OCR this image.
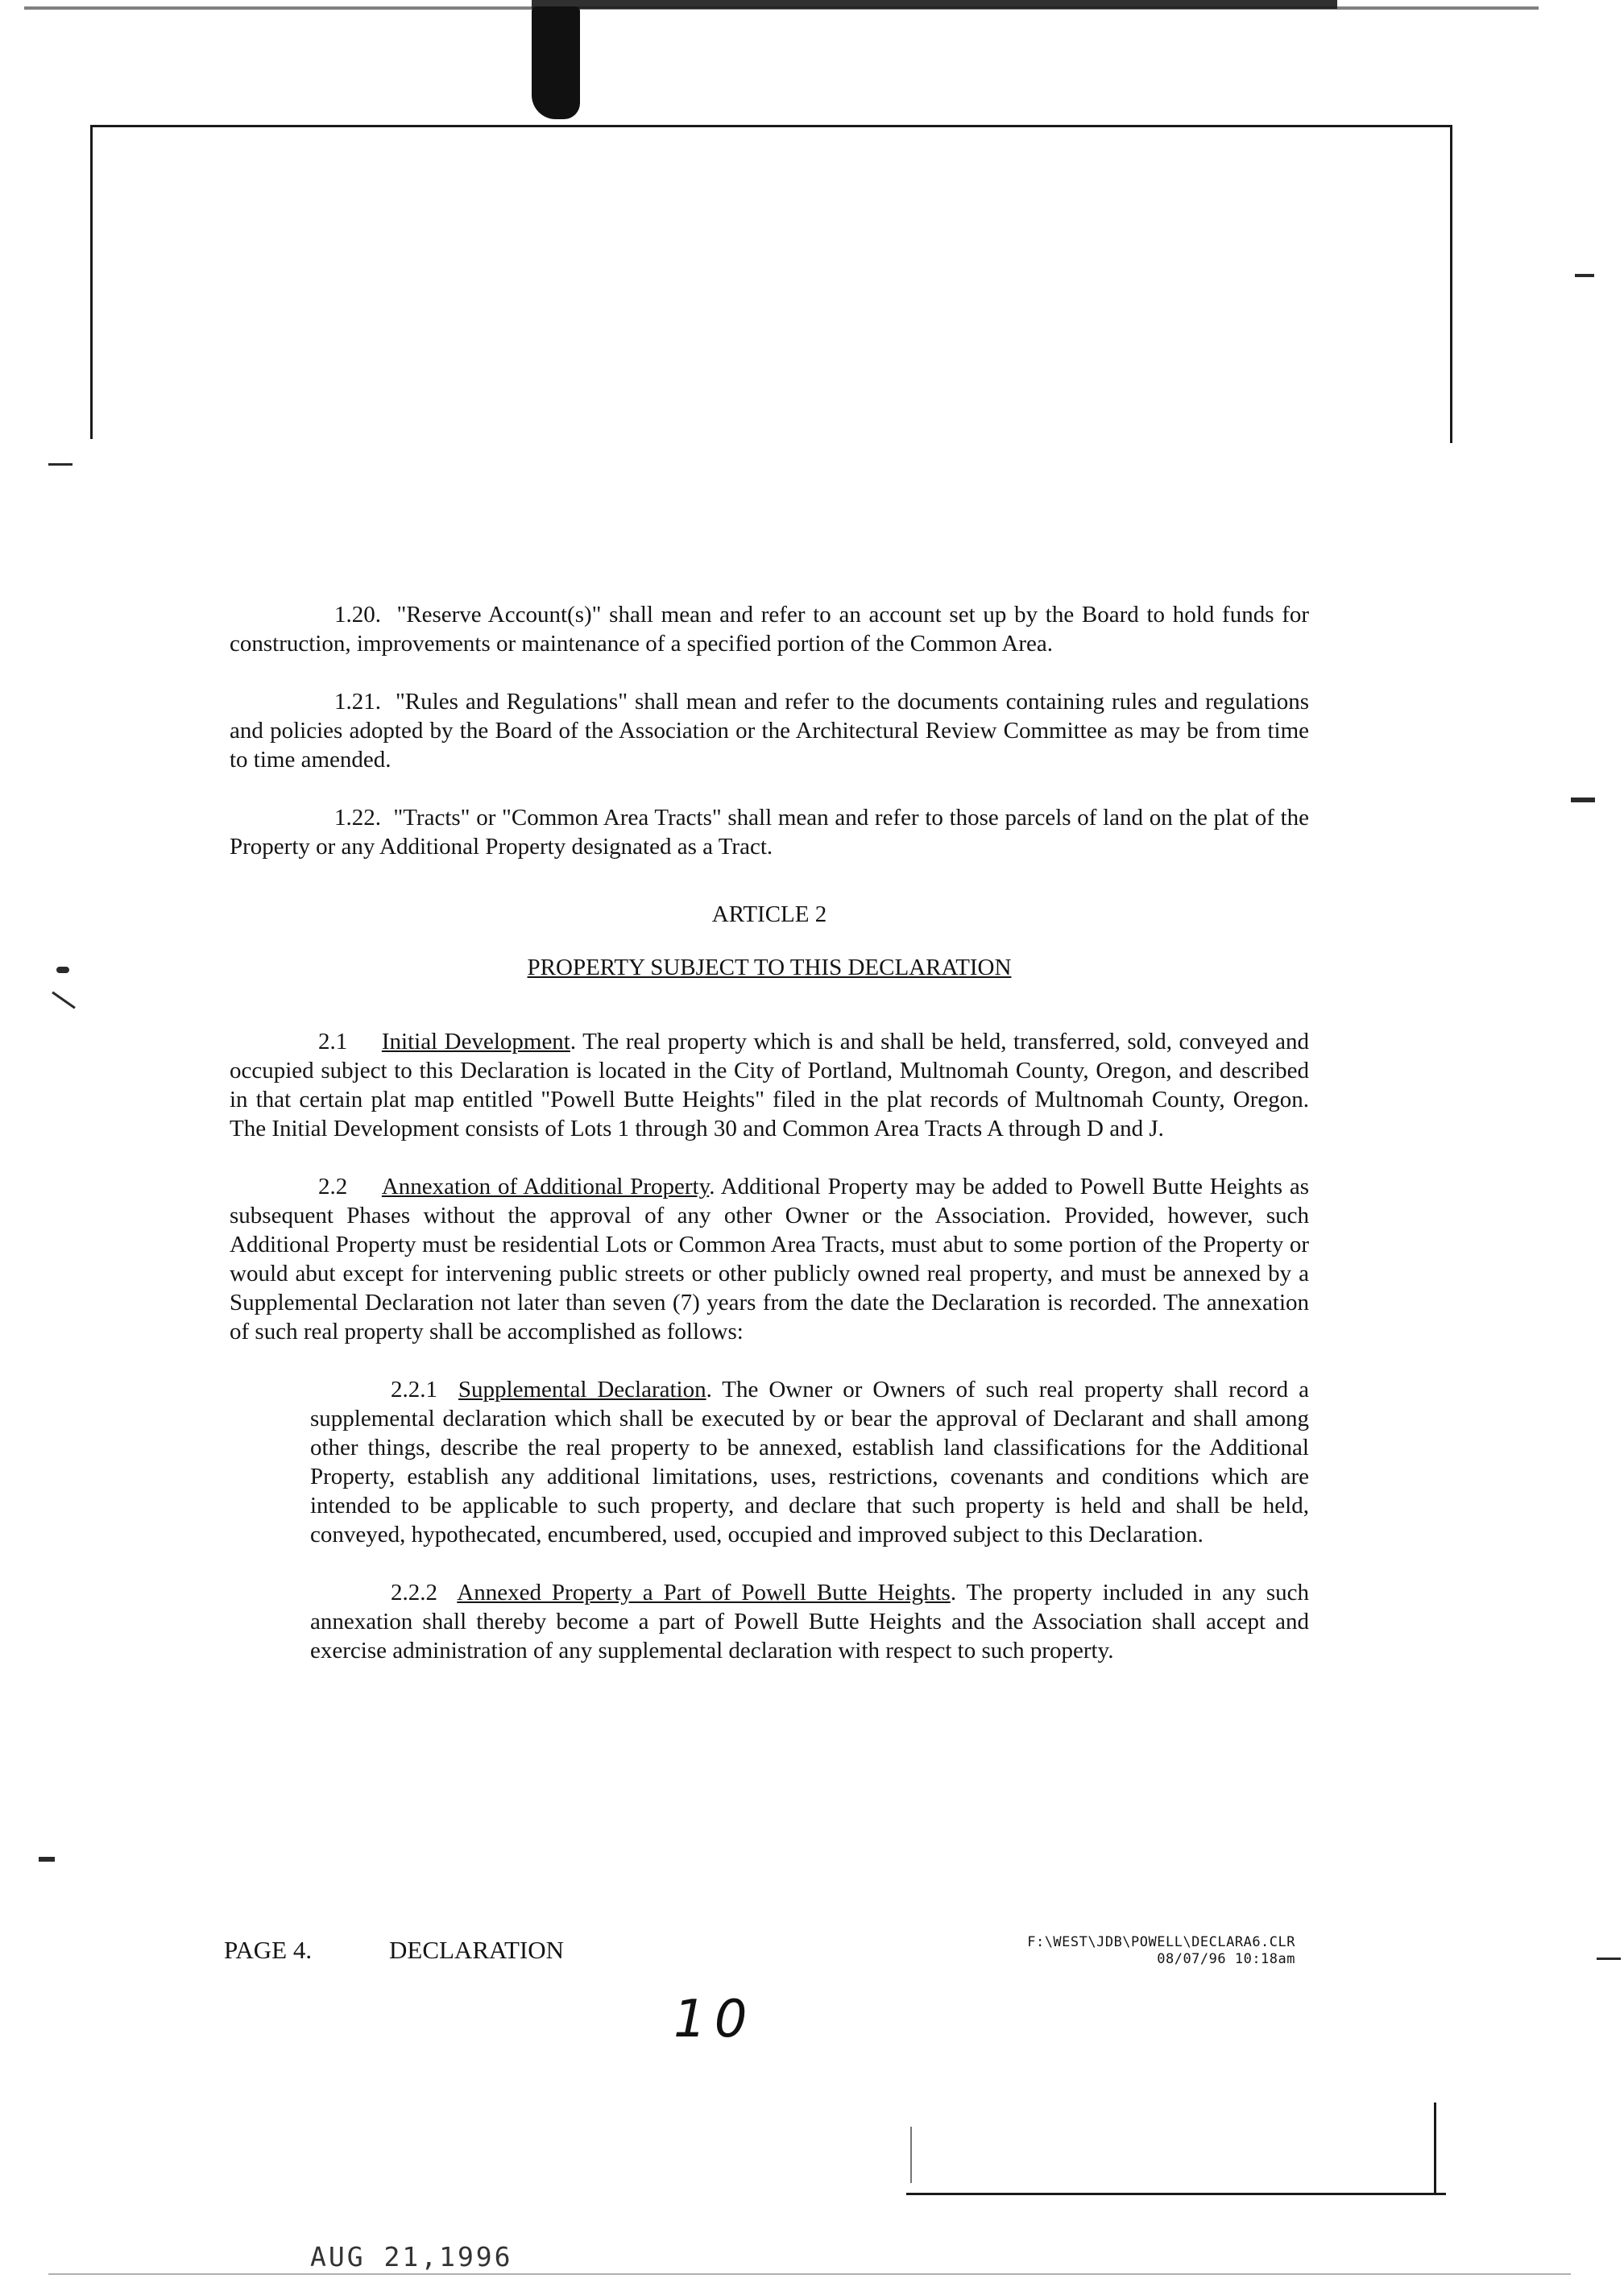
1.20. "Reserve Account(s)" shall mean and refer to an account set up by the Board to hold funds for construction, improvements or maintenance of a specified portion of the Common Area.

1.21. "Rules and Regulations" shall mean and refer to the documents containing rules and regulations and policies adopted by the Board of the Association or the Architectural Review Committee as may be from time to time amended.

1.22. "Tracts" or "Common Area Tracts" shall mean and refer to those parcels of land on the plat of the Property or any Additional Property designated as a Tract.

ARTICLE 2
PROPERTY SUBJECT TO THIS DECLARATION

2.1 Initial Development. The real property which is and shall be held, transferred, sold, conveyed and occupied subject to this Declaration is located in the City of Portland, Multnomah County, Oregon, and described in that certain plat map entitled "Powell Butte Heights" filed in the plat records of Multnomah County, Oregon. The Initial Development consists of Lots 1 through 30 and Common Area Tracts A through D and J.

2.2 Annexation of Additional Property. Additional Property may be added to Powell Butte Heights as subsequent Phases without the approval of any other Owner or the Association. Provided, however, such Additional Property must be residential Lots or Common Area Tracts, must abut to some portion of the Property or would abut except for intervening public streets or other publicly owned real property, and must be annexed by a Supplemental Declaration not later than seven (7) years from the date the Declaration is recorded. The annexation of such real property shall be accomplished as follows:

2.2.1 Supplemental Declaration. The Owner or Owners of such real property shall record a supplemental declaration which shall be executed by or bear the approval of Declarant and shall among other things, describe the real property to be annexed, establish land classifications for the Additional Property, establish any additional limitations, uses, restrictions, covenants and conditions which are intended to be applicable to such property, and declare that such property is held and shall be held, conveyed, hypothecated, encumbered, used, occupied and improved subject to this Declaration.

2.2.2 Annexed Property a Part of Powell Butte Heights. The property included in any such annexation shall thereby become a part of Powell Butte Heights and the Association shall accept and exercise administration of any supplemental declaration with respect to such property.

PAGE 4.	DECLARATION	F:\WEST\JDB\POWELL\DECLARA6.CLR
08/07/96 10:18am
10
AUG 21,1996
